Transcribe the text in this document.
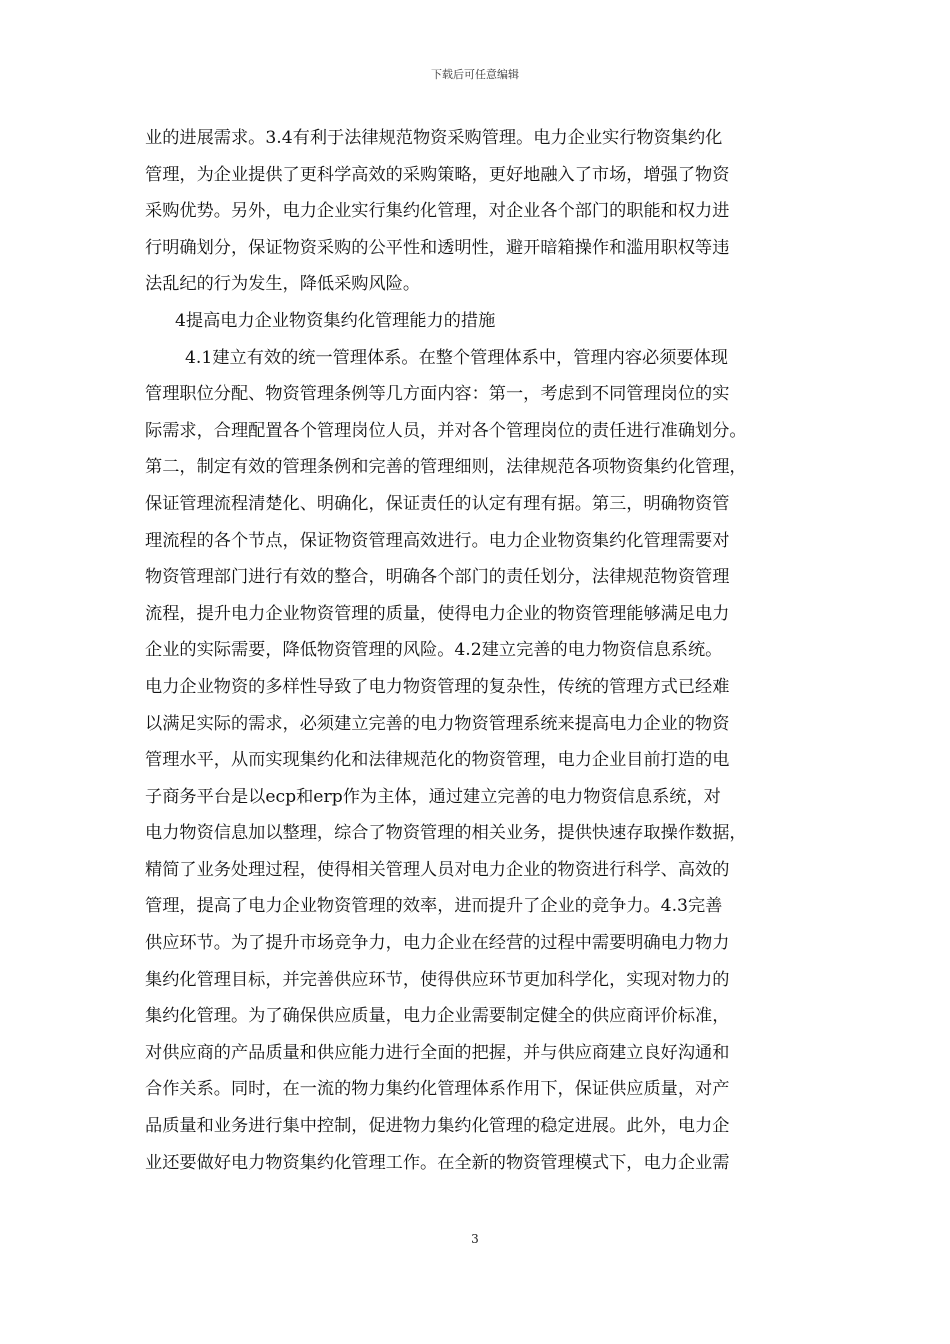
下载后可任意编辑
业的进展需求。3.4有利于法律规范物资采购管理。电力企业实行物资集约化
管理，为企业提供了更科学高效的采购策略，更好地融入了市场，增强了物资
采购优势。另外，电力企业实行集约化管理，对企业各个部门的职能和权力进
行明确划分，保证物资采购的公平性和透明性，避开暗箱操作和滥用职权等违
法乱纪的行为发生，降低采购风险。
4提高电力企业物资集约化管理能力的措施
4.1建立有效的统一管理体系。在整个管理体系中，管理内容必须要体现
管理职位分配、物资管理条例等几方面内容：第一，考虑到不同管理岗位的实
际需求，合理配置各个管理岗位人员，并对各个管理岗位的责任进行准确划分。
第二，制定有效的管理条例和完善的管理细则，法律规范各项物资集约化管理，
保证管理流程清楚化、明确化，保证责任的认定有理有据。第三，明确物资管
理流程的各个节点，保证物资管理高效进行。电力企业物资集约化管理需要对
物资管理部门进行有效的整合，明确各个部门的责任划分，法律规范物资管理
流程，提升电力企业物资管理的质量，使得电力企业的物资管理能够满足电力
企业的实际需要，降低物资管理的风险。4.2建立完善的电力物资信息系统。
电力企业物资的多样性导致了电力物资管理的复杂性，传统的管理方式已经难
以满足实际的需求，必须建立完善的电力物资管理系统来提高电力企业的物资
管理水平，从而实现集约化和法律规范化的物资管理，电力企业目前打造的电
子商务平台是以ecp和erp作为主体，通过建立完善的电力物资信息系统，对
电力物资信息加以整理，综合了物资管理的相关业务，提供快速存取操作数据，
精简了业务处理过程，使得相关管理人员对电力企业的物资进行科学、高效的
管理，提高了电力企业物资管理的效率，进而提升了企业的竞争力。4.3完善
供应环节。为了提升市场竞争力，电力企业在经营的过程中需要明确电力物力
集约化管理目标，并完善供应环节，使得供应环节更加科学化，实现对物力的
集约化管理。为了确保供应质量，电力企业需要制定健全的供应商评价标准，
对供应商的产品质量和供应能力进行全面的把握，并与供应商建立良好沟通和
合作关系。同时，在一流的物力集约化管理体系作用下，保证供应质量，对产
品质量和业务进行集中控制，促进物力集约化管理的稳定进展。此外，电力企
业还要做好电力物资集约化管理工作。在全新的物资管理模式下，电力企业需
3
